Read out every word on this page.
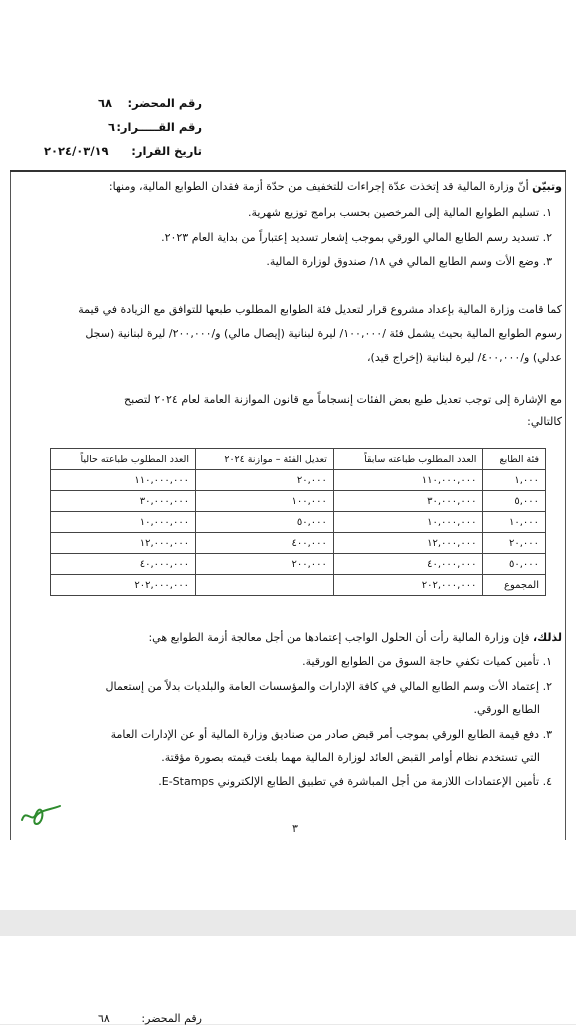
رقم المحضر:
٦٨
رقم القـــــرار:
٦
تاريخ القرار:
٢٠٢٤/٠٣/١٩
وتبيّن أنّ وزارة المالية قد إتخذت عدّة إجراءات للتخفيف من حدّة أزمة فقدان الطوابع المالية، ومنها:
١. تسليم الطوابع المالية إلى المرخصين بحسب برامج توزيع شهرية.
٢. تسديد رسم الطابع المالي الورقي بموجب إشعار تسديد إعتباراً من بداية العام ٢٠٢٣.
٣. وضع الأت وسم الطابع المالي في ١٨/ صندوق لوزارة المالية.
كما قامت وزارة المالية بإعداد مشروع قرار لتعديل فئة الطوابع المطلوب طبعها للتوافق مع الزيادة في قيمة
رسوم الطوابع المالية بحيث يشمل فئة /١٠٠,٠٠٠/ ليرة لبنانية (إيصال مالي) و/٢٠٠,٠٠٠/ ليرة لبنانية (سجل
عدلي) و/٤٠٠,٠٠٠/ ليرة لبنانية (إخراج قيد)،
مع الإشارة إلى توجب تعديل طبع بعض الفئات إنسجاماً مع قانون الموازنة العامة لعام ٢٠٢٤ لتصبح
كالتالي:
فئة الطابع	العدد المطلوب طباعته سابقاً	تعديل الفئة – موازنة ٢٠٢٤	العدد المطلوب طباعته حالياً
١,٠٠٠	١١٠,٠٠٠,٠٠٠	٢٠,٠٠٠	١١٠,٠٠٠,٠٠٠
٥,٠٠٠	٣٠,٠٠٠,٠٠٠	١٠٠,٠٠٠	٣٠,٠٠٠,٠٠٠
١٠,٠٠٠	١٠,٠٠٠,٠٠٠	٥٠,٠٠٠	١٠,٠٠٠,٠٠٠
٢٠,٠٠٠	١٢,٠٠٠,٠٠٠	٤٠٠,٠٠٠	١٢,٠٠٠,٠٠٠
٥٠,٠٠٠	٤٠,٠٠٠,٠٠٠	٢٠٠,٠٠٠	٤٠,٠٠٠,٠٠٠
المجموع	٢٠٢,٠٠٠,٠٠٠		٢٠٢,٠٠٠,٠٠٠
لذلك، فإن وزارة المالية رأت أن الحلول الواجب إعتمادها من أجل معالجة أزمة الطوابع هي:
١. تأمين كميات تكفي حاجة السوق من الطوابع الورقية.
٢. إعتماد الأت وسم الطابع المالي في كافة الإدارات والمؤسسات العامة والبلديات بدلاً من إستعمال
الطابع الورقي.
٣. دفع قيمة الطابع الورقي بموجب أمر قبض صادر من صناديق وزارة المالية أو عن الإدارات العامة
التي تستخدم نظام أوامر القبض العائد لوزارة المالية مهما بلغت قيمته بصورة مؤقتة.
٤. تأمين الإعتمادات اللازمة من أجل المباشرة في تطبيق الطابع الإلكتروني E-Stamps.
٣
رقم المحضر:
٦٨
